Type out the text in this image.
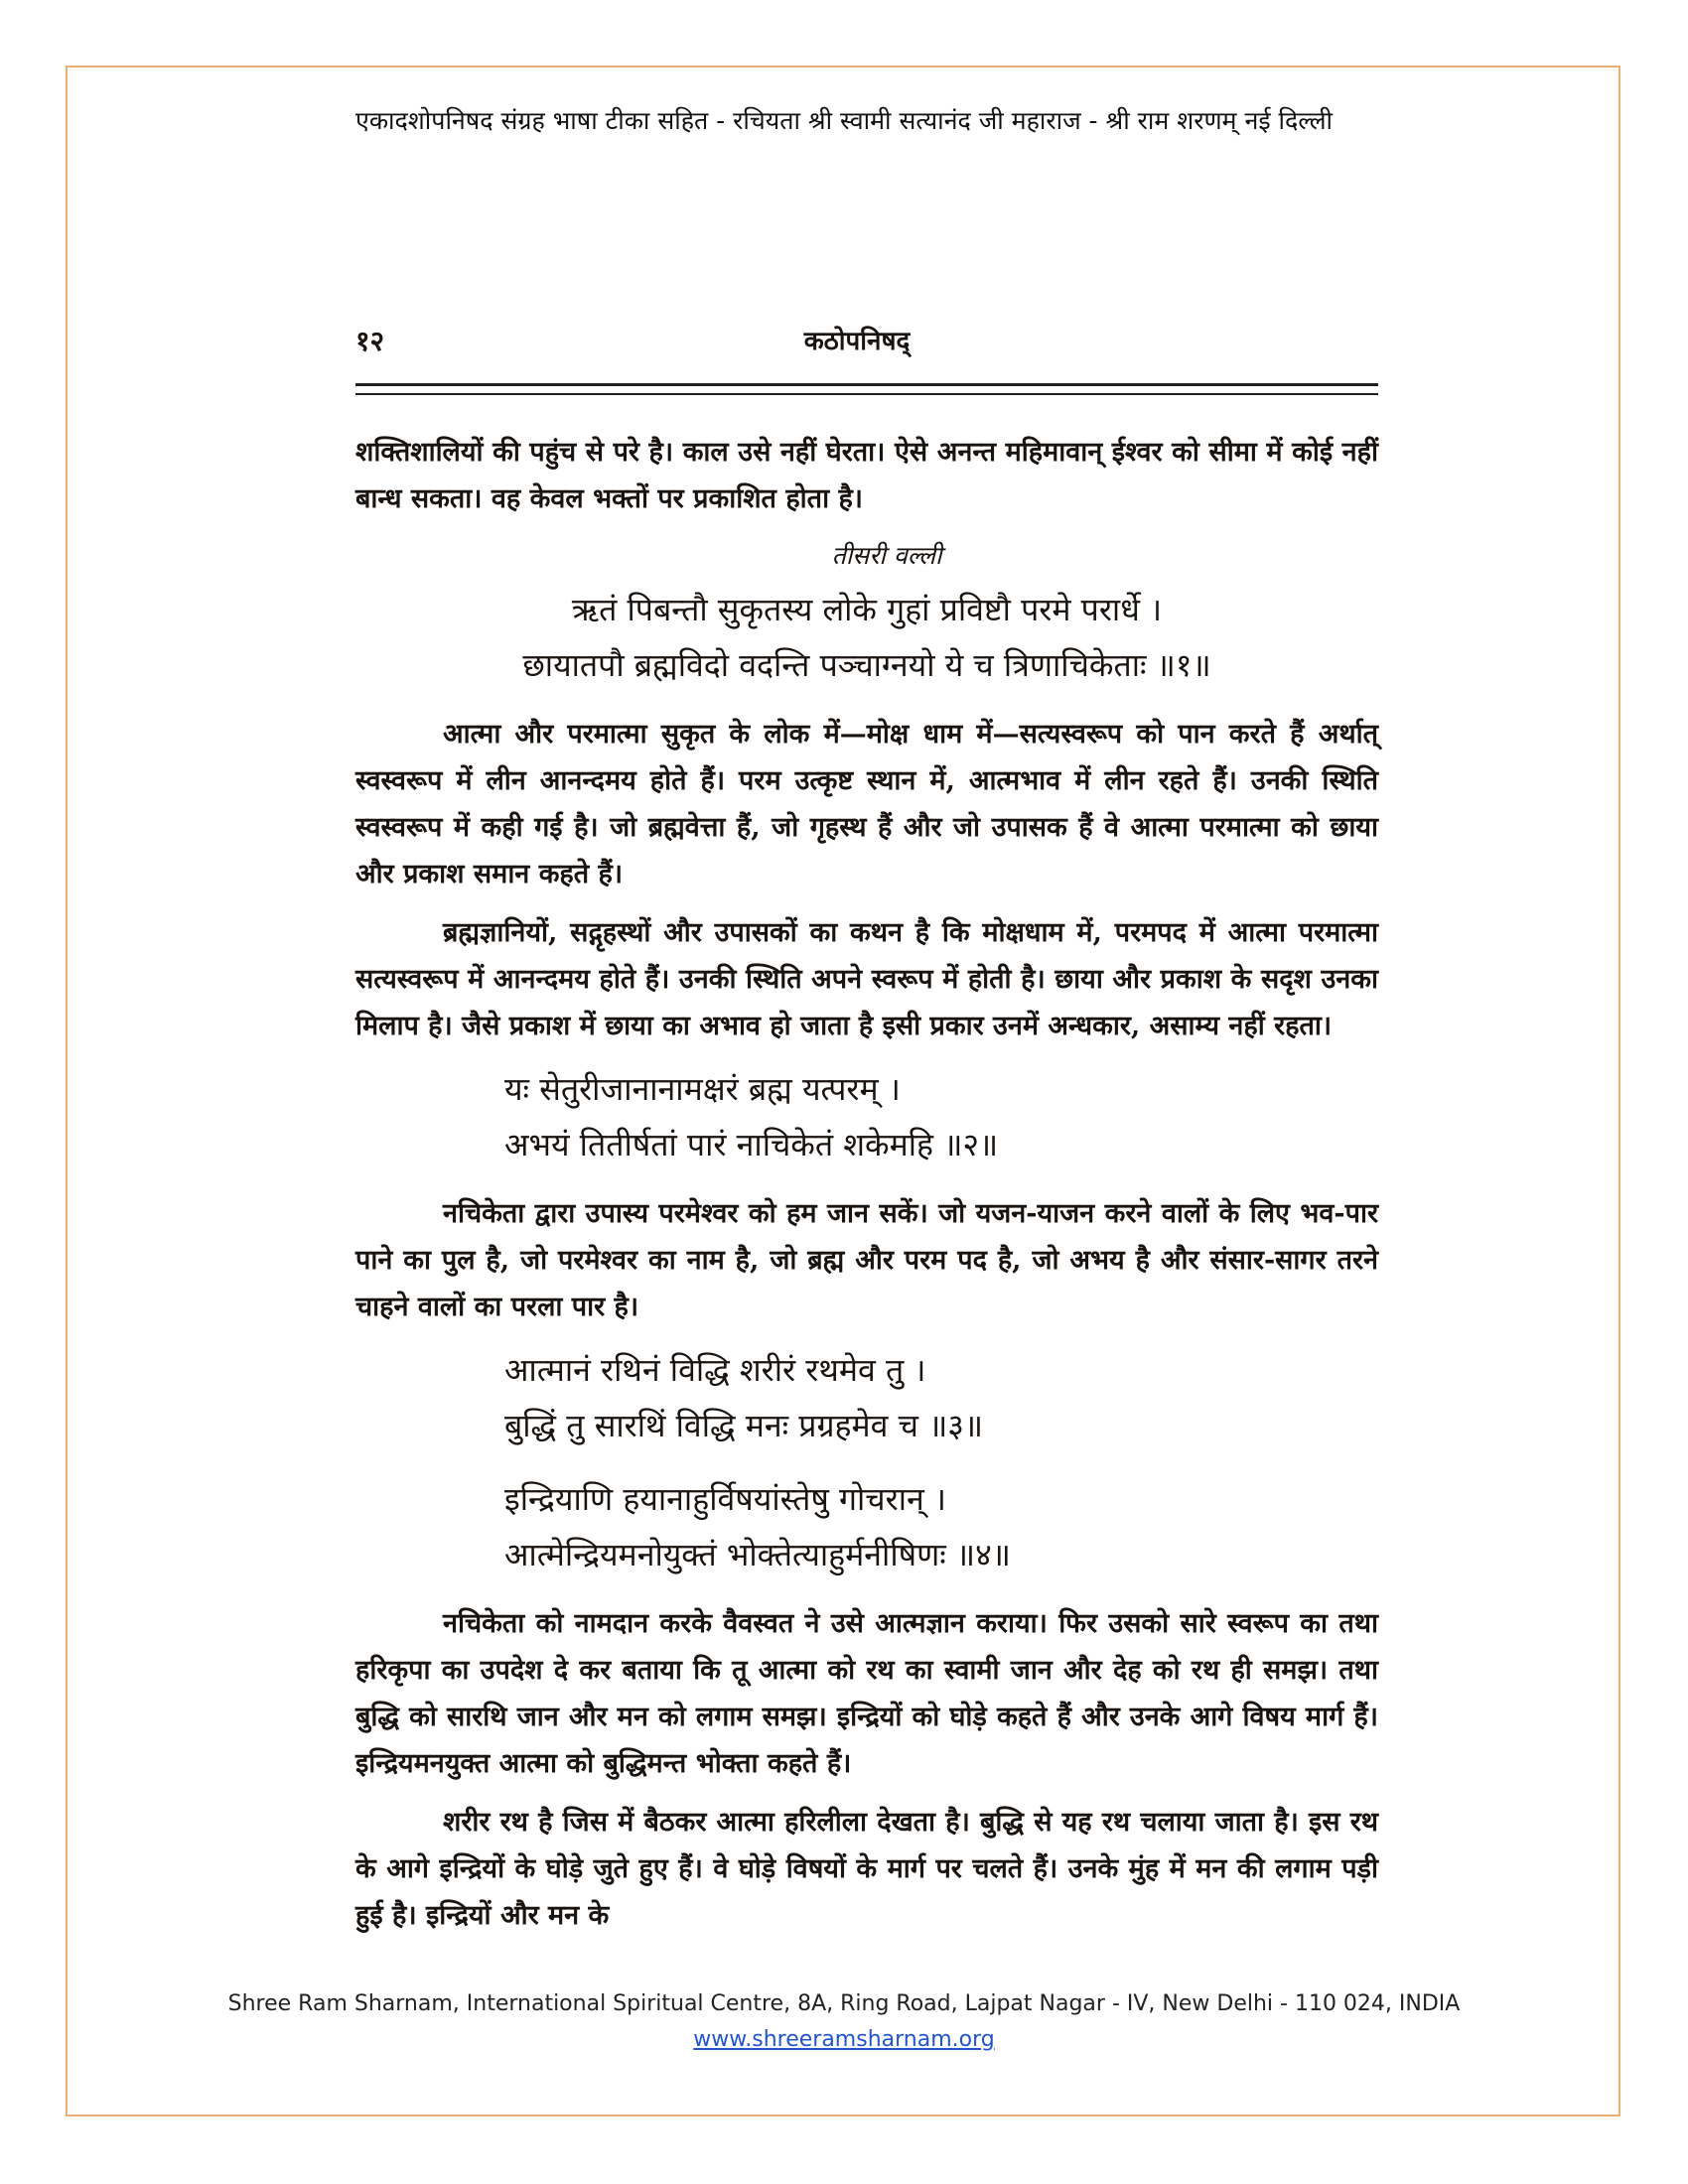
एकादशोपनिषद संग्रह भाषा टीका सहित - रचियता श्री स्वामी सत्यानंद जी महाराज - श्री राम शरणम् नई दिल्ली
१२	कठोपनिषद्

शक्तिशालियों की पहुंच से परे है। काल उसे नहीं घेरता। ऐसे अनन्त महिमावान् ईश्वर को सीमा में कोई नहीं बान्ध सकता। वह केवल भक्तों पर प्रकाशित होता है।

तीसरी वल्ली
ऋतं पिबन्तौ सुकृतस्य लोके गुहां प्रविष्टौ परमे परार्धे ।
छायातपौ ब्रह्मविदो वदन्ति पञ्चाग्नयो ये च त्रिणाचिकेताः ॥१॥

आत्मा और परमात्मा सुकृत के लोक में—मोक्ष धाम में—सत्यस्वरूप को पान करते हैं अर्थात् स्वस्वरूप में लीन आनन्दमय होते हैं। परम उत्कृष्ट स्थान में, आत्मभाव में लीन रहते हैं। उनकी स्थिति स्वस्वरूप में कही गई है। जो ब्रह्मवेत्ता हैं, जो गृहस्थ हैं और जो उपासक हैं वे आत्मा परमात्मा को छाया और प्रकाश समान कहते हैं।

ब्रह्मज्ञानियों, सद्गृहस्थों और उपासकों का कथन है कि मोक्षधाम में, परमपद में आत्मा परमात्मा सत्यस्वरूप में आनन्दमय होते हैं। उनकी स्थिति अपने स्वरूप में होती है। छाया और प्रकाश के सदृश उनका मिलाप है। जैसे प्रकाश में छाया का अभाव हो जाता है इसी प्रकार उनमें अन्धकार, असाम्य नहीं रहता।

यः सेतुरीजानानामक्षरं ब्रह्म यत्परम् ।
अभयं तितीर्षतां पारं नाचिकेतं शकेमहि ॥२॥

नचिकेता द्वारा उपास्य परमेश्वर को हम जान सकें। जो यजन-याजन करने वालों के लिए भव-पार पाने का पुल है, जो परमेश्वर का नाम है, जो ब्रह्म और परम पद है, जो अभय है और संसार-सागर तरने चाहने वालों का परला पार है।

आत्मानं रथिनं विद्धि शरीरं रथमेव तु ।
बुद्धिं तु सारथिं विद्धि मनः प्रग्रहमेव च ॥३॥
इन्द्रियाणि हयानाहुर्विषयांस्तेषु गोचरान् ।
आत्मेन्द्रियमनोयुक्तं भोक्तेत्याहुर्मनीषिणः ॥४॥

नचिकेता को नामदान करके वैवस्वत ने उसे आत्मज्ञान कराया। फिर उसको सारे स्वरूप का तथा हरिकृपा का उपदेश दे कर बताया कि तू आत्मा को रथ का स्वामी जान और देह को रथ ही समझ। तथा बुद्धि को सारथि जान और मन को लगाम समझ। इन्द्रियों को घोड़े कहते हैं और उनके आगे विषय मार्ग हैं। इन्द्रियमनयुक्त आत्मा को बुद्धिमन्त भोक्ता कहते हैं।

शरीर रथ है जिस में बैठकर आत्मा हरिलीला देखता है। बुद्धि से यह रथ चलाया जाता है। इस रथ के आगे इन्द्रियों के घोड़े जुते हुए हैं। वे घोड़े विषयों के मार्ग पर चलते हैं। उनके मुंह में मन की लगाम पड़ी हुई है। इन्द्रियों और मन के

Shree Ram Sharnam, International Spiritual Centre, 8A, Ring Road, Lajpat Nagar - IV, New Delhi - 110 024, INDIA
www.shreeramsharnam.org
